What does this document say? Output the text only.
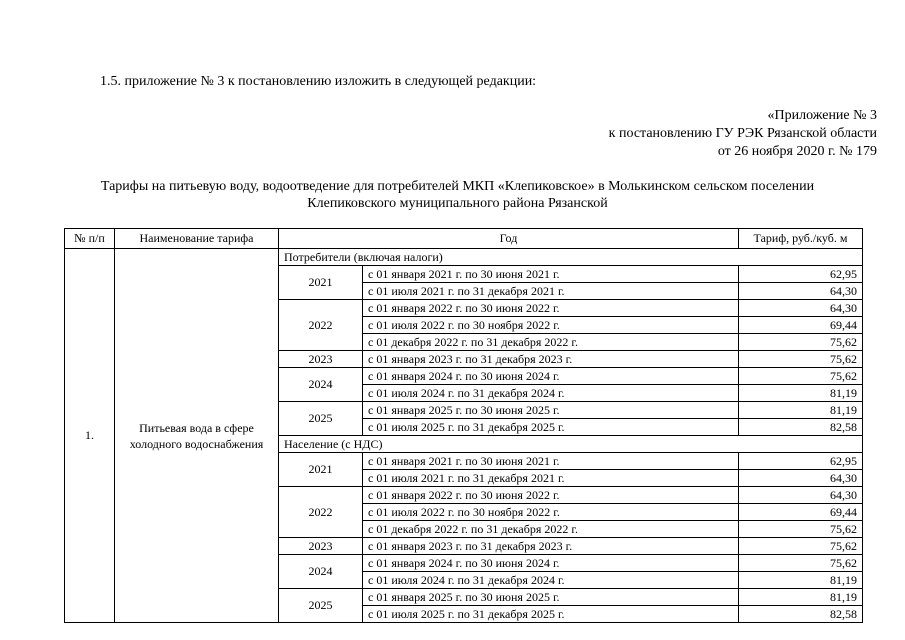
1.5. приложение № 3 к постановлению изложить в следующей редакции:
«Приложение № 3
к постановлению ГУ РЭК Рязанской области
от 26 ноября 2020 г. № 179
Тарифы на питьевую воду, водоотведение для потребителей МКП «Клепиковское» в Молькинском сельском поселении
Клепиковского муниципального района Рязанской
№ п/п	Наименование тарифа	Год		Тариф, руб./куб. м
1.	Питьевая вода в сфере холодного водоснабжения	Потребители (включая налоги)		
		2021	с 01 января 2021 г. по 30 июня 2021 г.	62,95
			с 01 июля 2021 г. по 31 декабря 2021 г.	64,30
		2022	с 01 января 2022 г. по 30 июня 2022 г.	64,30
			с 01 июля 2022 г. по 30 ноября 2022 г.	69,44
			с 01 декабря 2022 г. по 31 декабря 2022 г.	75,62
		2023	с 01 января 2023 г. по 31 декабря 2023 г.	75,62
		2024	с 01 января 2024 г. по 30 июня 2024 г.	75,62
			с 01 июля 2024 г. по 31 декабря 2024 г.	81,19
		2025	с 01 января 2025 г. по 30 июня 2025 г.	81,19
			с 01 июля 2025 г. по 31 декабря 2025 г.	82,58
		Население (с НДС)		
		2021	с 01 января 2021 г. по 30 июня 2021 г.	62,95
			с 01 июля 2021 г. по 31 декабря 2021 г.	64,30
		2022	с 01 января 2022 г. по 30 июня 2022 г.	64,30
			с 01 июля 2022 г. по 30 ноября 2022 г.	69,44
			с 01 декабря 2022 г. по 31 декабря 2022 г.	75,62
		2023	с 01 января 2023 г. по 31 декабря 2023 г.	75,62
		2024	с 01 января 2024 г. по 30 июня 2024 г.	75,62
			с 01 июля 2024 г. по 31 декабря 2024 г.	81,19
		2025	с 01 января 2025 г. по 30 июня 2025 г.	81,19
			с 01 июля 2025 г. по 31 декабря 2025 г.	82,58
